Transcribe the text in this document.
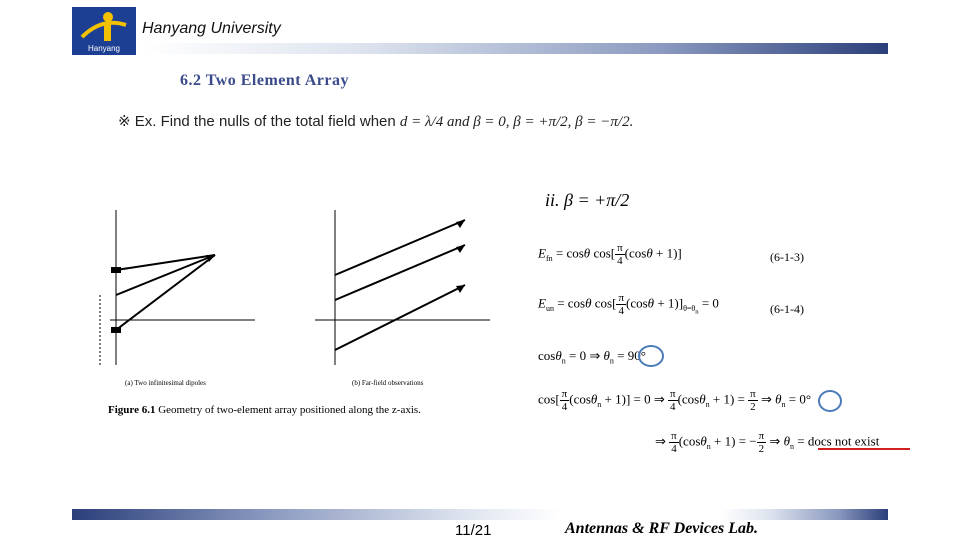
Hanyang
Hanyang University
6.2 Two Element Array
※ Ex. Find the nulls of the total field when d = λ/4 and β = 0, β = +π/2, β = −π/2.
(a) Two infinitesimal dipoles	(b) Far-field observations
Figure 6.1 Geometry of two-element array positioned along the z-axis.
ii. β = +π/2
$E_{fn} = \cos\theta$ $\cos[ \frac{\pi}{4} (\cos\theta + 1)]$	(6-1-3)
$E_{un} = \cos\theta$ $\cos[ \frac{\pi}{4} (\cos\theta + 1)]_{\theta=\theta_n} = 0$	(6-1-4)
cosθ$_n$ = 0 ⇒ $\theta_n = 90^\circ$
$\cos[ \frac{\pi}{4} (\cos\theta_n + 1)] = 0$ ⇒ $\frac{\pi}{4} (\cos\theta_n + 1) = \frac{\pi}{2}$ ⇒ $\theta_n = 0^\circ$
⇒ $\frac{\pi}{4} (\cos\theta_n + 1)$ = − $\frac{\pi}{2}$ ⇒ $\theta_n$ = docs not exist
11/21	Antennas & RF Devices Lab.
